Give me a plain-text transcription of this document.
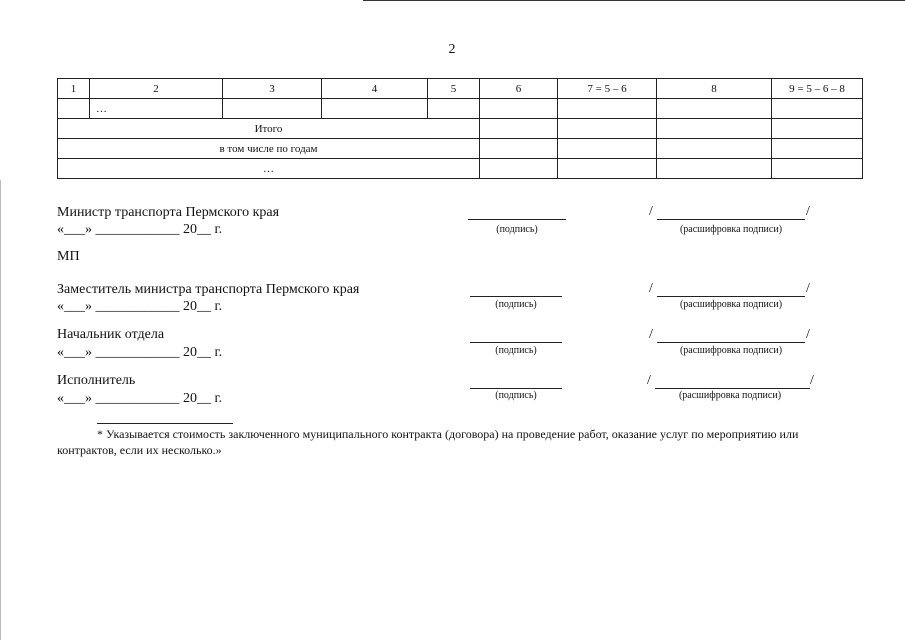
2
1	2	3	4	5	6	7 = 5 – 6	8	9 = 5 – 6 – 8
	…							
Итого								
в том числе по годам								
…								
Министр транспорта Пермского края
«___» ____________ 20__ г.	(подпись)
/	/
(расшифровка подписи)
МП
Заместитель министра транспорта Пермского края
«___» ____________ 20__ г.	(подпись)
/	/
(расшифровка подписи)
Начальник отдела
«___» ____________ 20__ г.	(подпись)
/	/
(расшифровка подписи)
Исполнитель
«___» ____________ 20__ г.	(подпись)
/	/
(расшифровка подписи)
* Указывается стоимость заключенного муниципального контракта (договора) на проведение работ, оказание услуг по мероприятию или контрактов, если их несколько.»
